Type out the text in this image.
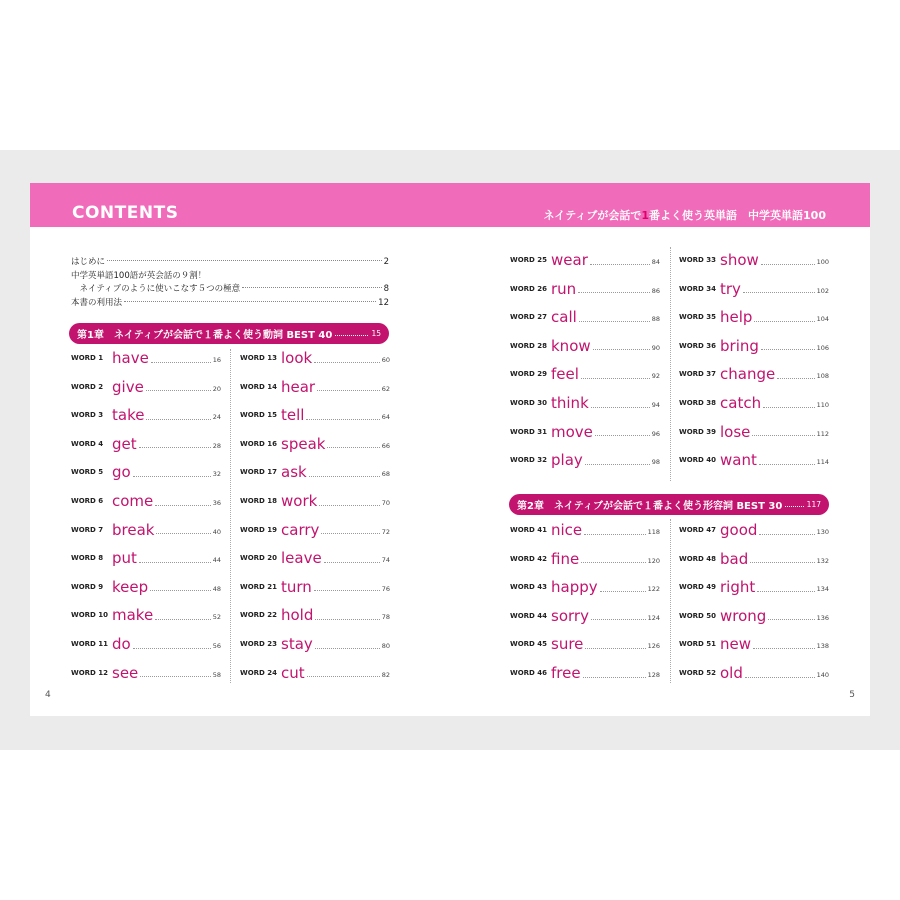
CONTENTS	ネイティブが会話で1番よく使う英単語　中学英単語100
はじめに	2
中学英単語100語が英会話の９割！
　ネイティブのように使いこなす５つの極意	8
本書の利用法	12
第1章　ネイティブが会話で１番よく使う動詞 BEST 40	15
第2章　ネイティブが会話で１番よく使う形容詞 BEST 30	117
WORD 1 have	16
WORD 2 give	20
WORD 3 take	24
WORD 4 get	28
WORD 5 go	32
WORD 6 come	36
WORD 7 break	40
WORD 8 put	44
WORD 9 keep	48
WORD 10 make	52
WORD 11 do	56
WORD 12 see	58
WORD 13 look	60
WORD 14 hear	62
WORD 15 tell	64
WORD 16 speak	66
WORD 17 ask	68
WORD 18 work	70
WORD 19 carry	72
WORD 20 leave	74
WORD 21 turn	76
WORD 22 hold	78
WORD 23 stay	80
WORD 24 cut	82
WORD 25 wear	84
WORD 26 run	86
WORD 27 call	88
WORD 28 know	90
WORD 29 feel	92
WORD 30 think	94
WORD 31 move	96
WORD 32 play	98
WORD 33 show	100
WORD 34 try	102
WORD 35 help	104
WORD 36 bring	106
WORD 37 change	108
WORD 38 catch	110
WORD 39 lose	112
WORD 40 want	114
WORD 41 nice	118
WORD 42 fine	120
WORD 43 happy	122
WORD 44 sorry	124
WORD 45 sure	126
WORD 46 free	128
WORD 47 good	130
WORD 48 bad	132
WORD 49 right	134
WORD 50 wrong	136
WORD 51 new	138
WORD 52 old	140
4	5
